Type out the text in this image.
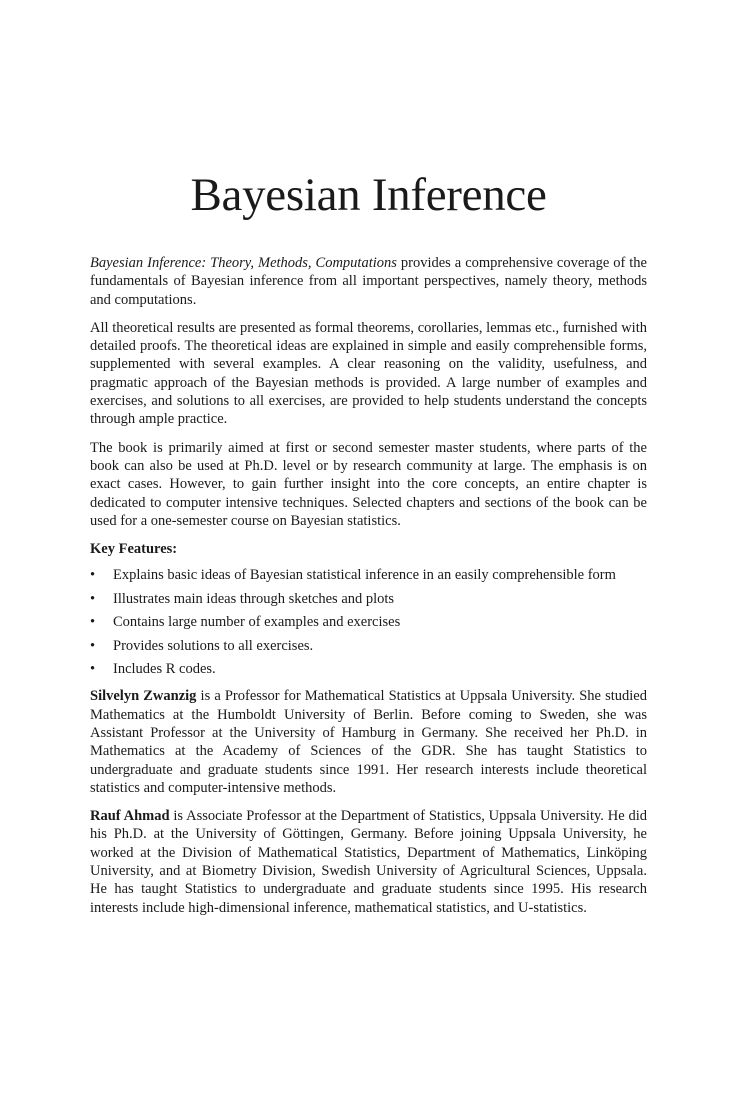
Bayesian Inference

Bayesian Inference: Theory, Methods, Computations provides a comprehensive coverage of the fundamentals of Bayesian inference from all important perspectives, namely theory, methods and computations.

All theoretical results are presented as formal theorems, corollaries, lemmas etc., furnished with detailed proofs. The theoretical ideas are explained in simple and easily comprehensible forms, supplemented with several examples. A clear reasoning on the validity, usefulness, and pragmatic approach of the Bayesian methods is provided. A large number of examples and exercises, and solutions to all exercises, are provided to help students understand the concepts through ample practice.

The book is primarily aimed at first or second semester master students, where parts of the book can also be used at Ph.D. level or by research community at large. The emphasis is on exact cases. However, to gain further insight into the core concepts, an entire chapter is dedicated to computer intensive techniques. Selected chapters and sections of the book can be used for a one-semester course on Bayesian statistics.

Key Features:

• Explains basic ideas of Bayesian statistical inference in an easily comprehensible form
• Illustrates main ideas through sketches and plots
• Contains large number of examples and exercises
• Provides solutions to all exercises.
• Includes R codes.

Silvelyn Zwanzig is a Professor for Mathematical Statistics at Uppsala University. She studied Mathematics at the Humboldt University of Berlin. Before coming to Sweden, she was Assistant Professor at the University of Hamburg in Germany. She received her Ph.D. in Mathematics at the Academy of Sciences of the GDR. She has taught Statistics to undergraduate and graduate students since 1991. Her research interests include theoretical statistics and computer-intensive methods.

Rauf Ahmad is Associate Professor at the Department of Statistics, Uppsala University. He did his Ph.D. at the University of Göttingen, Germany. Before joining Uppsala University, he worked at the Division of Mathematical Statistics, Department of Mathematics, Linköping University, and at Biometry Division, Swedish University of Agricultural Sciences, Uppsala. He has taught Statistics to undergraduate and graduate students since 1995. His research interests include high-dimensional inference, mathematical statistics, and U-statistics.
